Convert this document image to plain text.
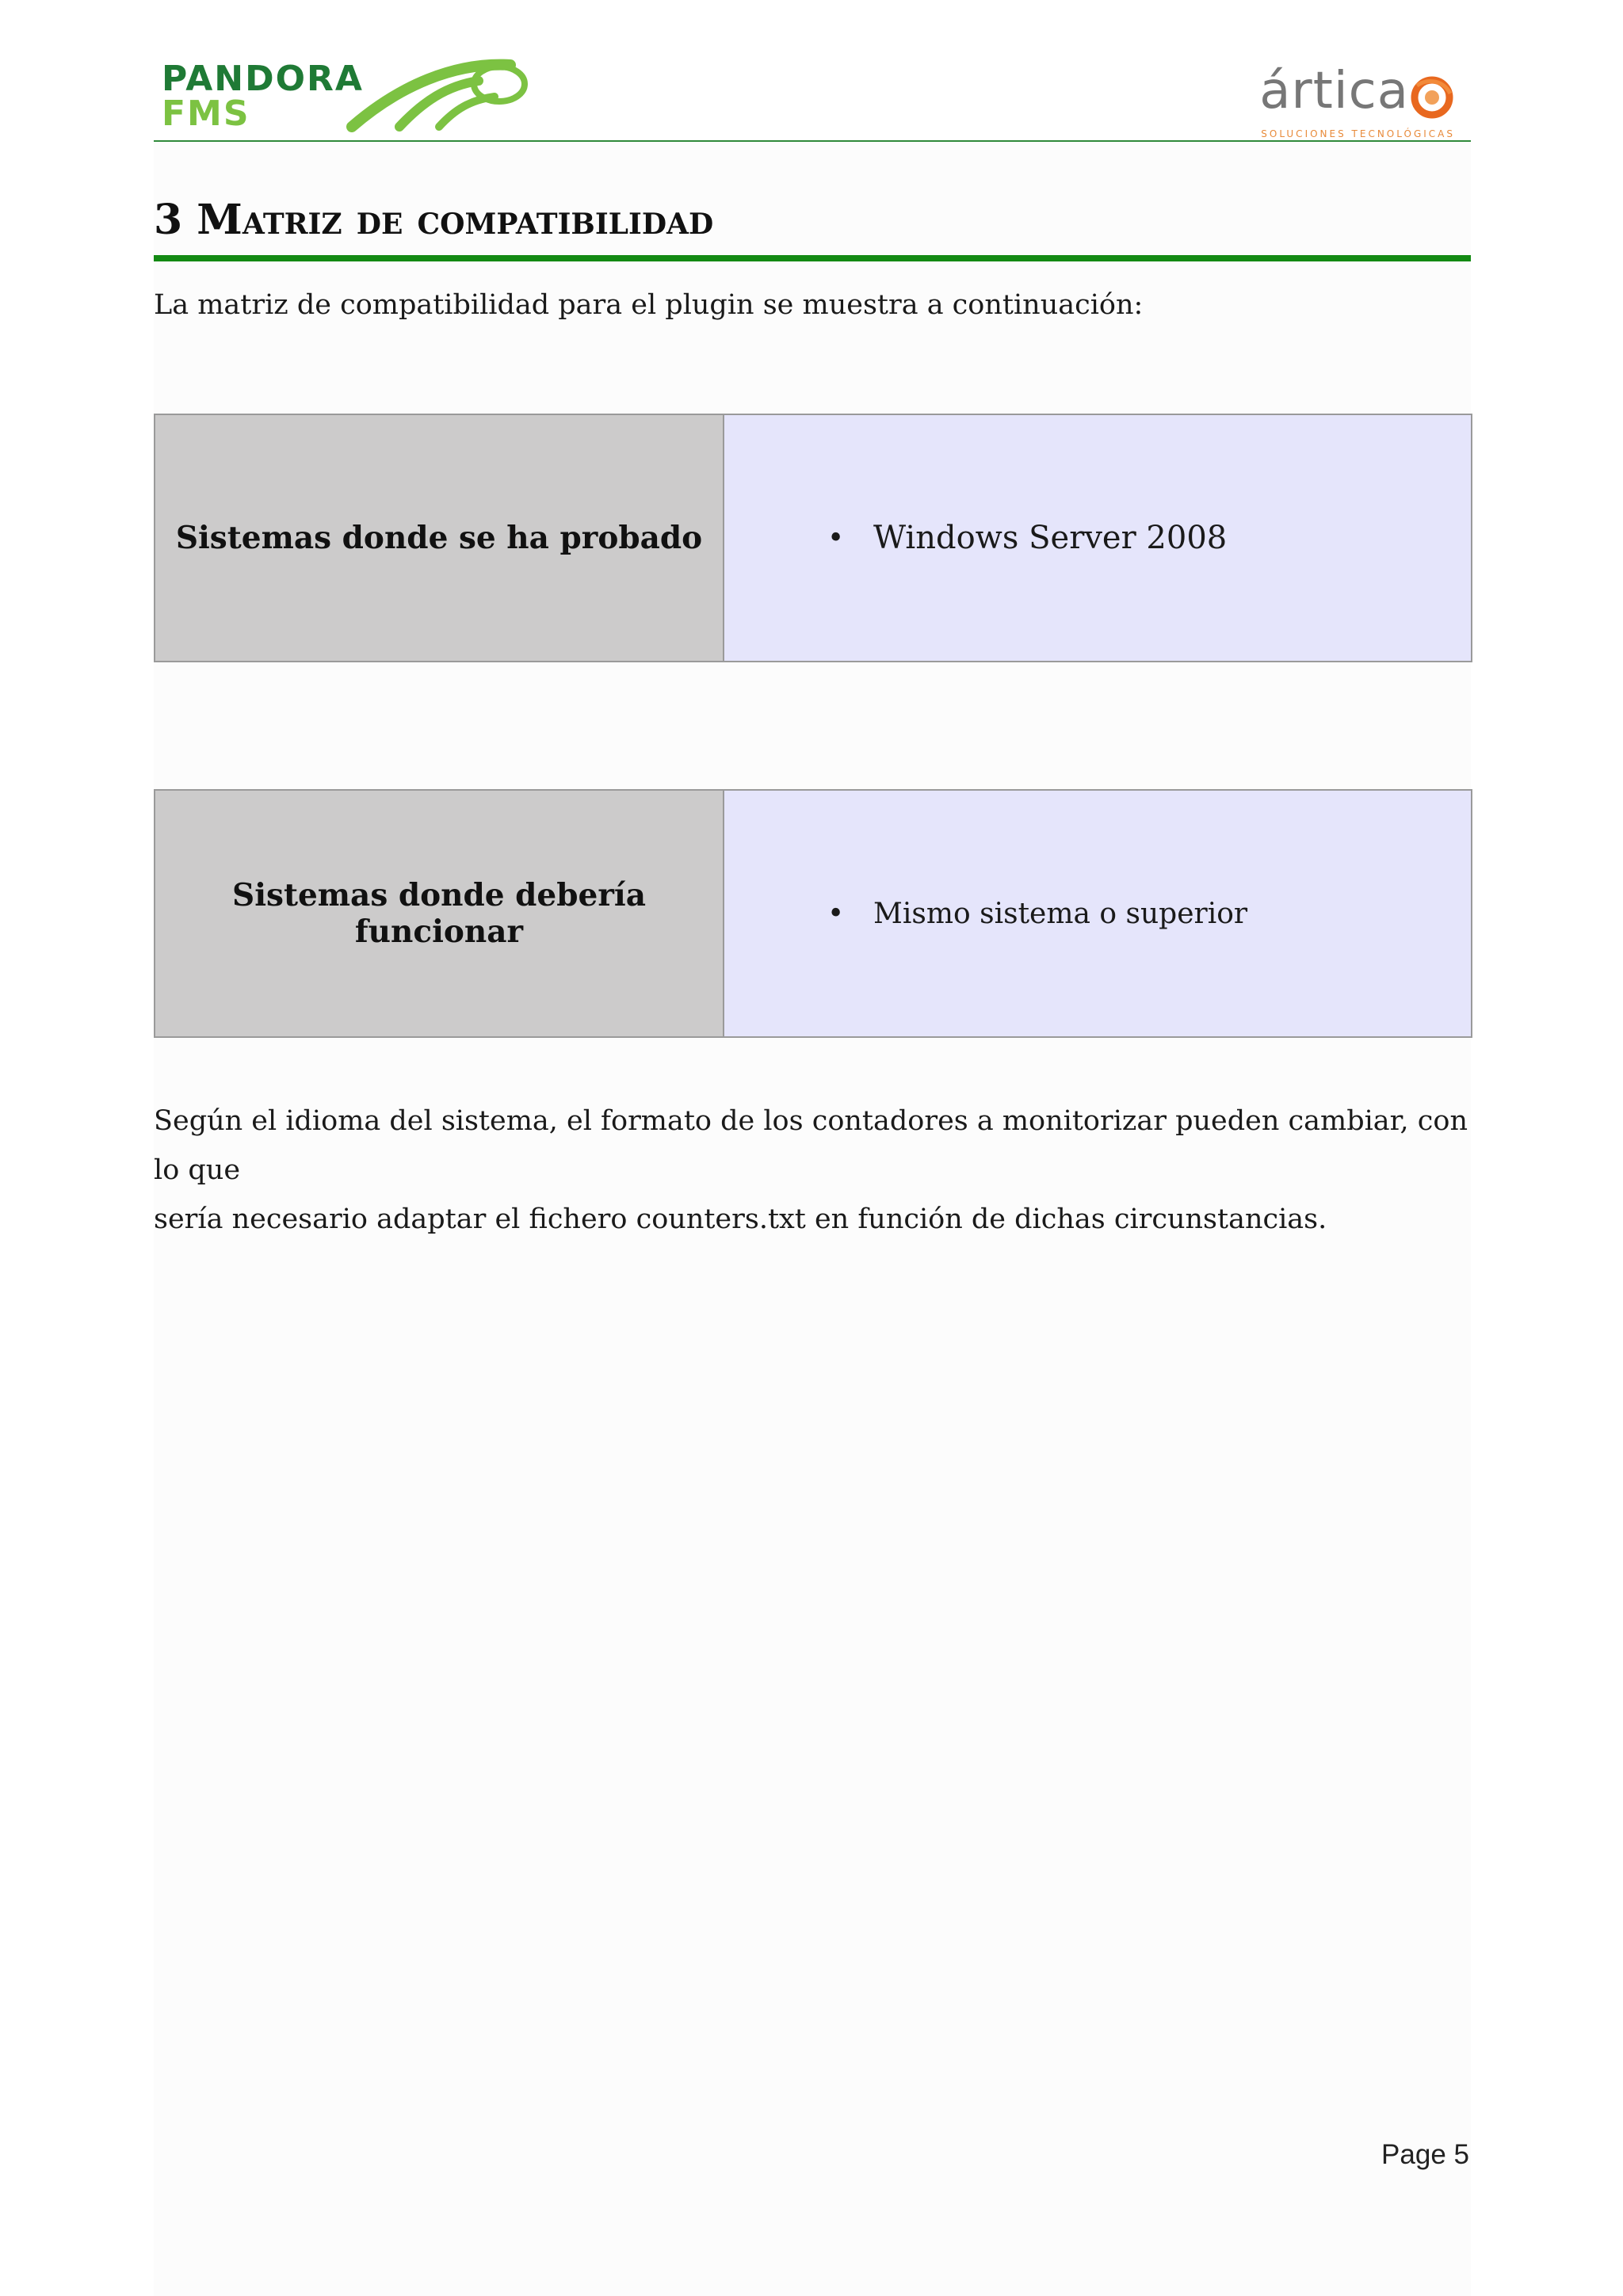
PANDORA
FMS	ártica
SOLUCIONES TECNOLÓGICAS
3 Matriz de compatibilidad
La matriz de compatibilidad para el plugin se muestra a continuación:
Sistemas donde se ha probado	• Windows Server 2008
Sistemas donde debería funcionar	•	Mismo sistema o superior
Según el idioma del sistema, el formato de los contadores a monitorizar pueden cambiar, con lo que
sería necesario adaptar el fichero counters.txt en función de dichas circunstancias.
Page 5
